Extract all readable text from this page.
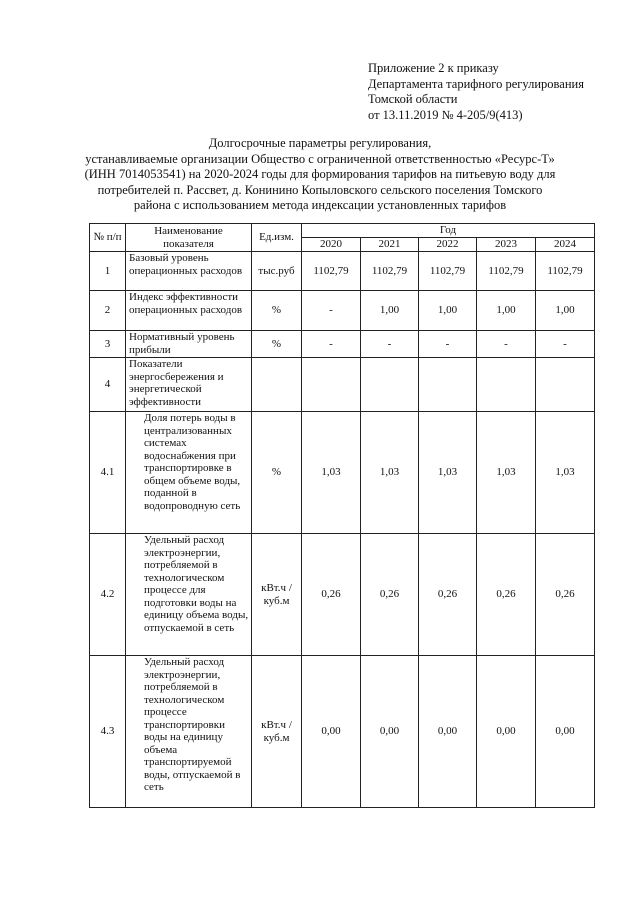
Приложение 2 к приказу
Департамента тарифного регулирования
Томской области
от 13.11.2019 № 4-205/9(413)
Долгосрочные параметры регулирования,
устанавливаемые организации Общество с ограниченной ответственностью «Ресурс-Т»
(ИНН 7014053541) на 2020-2024 годы для формирования тарифов на питьевую воду для
потребителей п. Рассвет, д. Конинино Копыловского сельского поселения Томского
района с использованием метода индексации установленных тарифов
№ п/п	Наименование показателя	Ед.изм.	Год				
			2020	2021	2022	2023	2024
1	Базовый уровень операционных расходов	тыс.руб	1102,79	1102,79	1102,79	1102,79	1102,79
2	Индекс эффективности операционных расходов	%	-	1,00	1,00	1,00	1,00
3	Нормативный уровень прибыли	%	-	-	-	-	-
4	Показатели энергосбережения и энергетической эффективности						
4.1	Доля потерь воды в централизованных системах водоснабжения при транспортировке в общем объеме воды, поданной в водопроводную сеть	%	1,03	1,03	1,03	1,03	1,03
4.2	Удельный расход электроэнергии, потребляемой в технологическом процессе для подготовки воды на единицу объема воды, отпускаемой в сеть	кВт.ч / куб.м	0,26	0,26	0,26	0,26	0,26
4.3	Удельный расход электроэнергии, потребляемой в технологическом процессе транспортировки воды на единицу объема транспортируемой воды, отпускаемой в сеть	кВт.ч / куб.м	0,00	0,00	0,00	0,00	0,00
